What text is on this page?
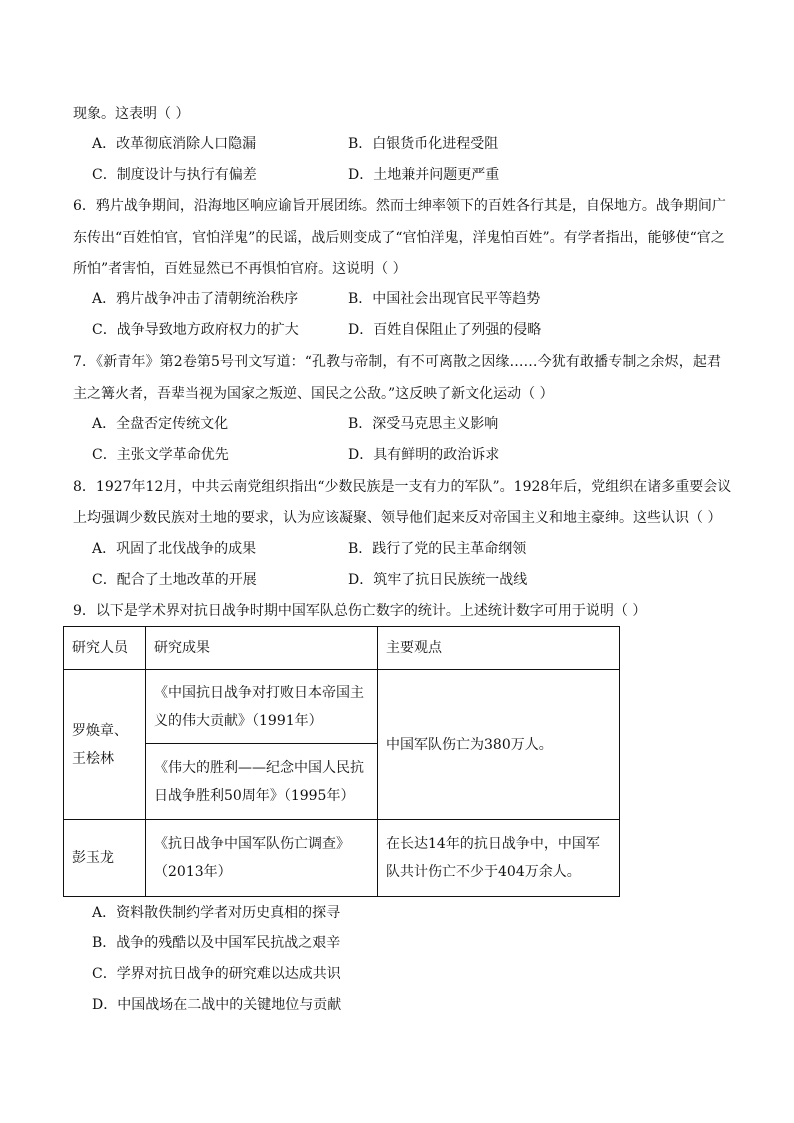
现象。这表明（ ）
A．改革彻底消除人口隐漏	B．白银货币化进程受阻
C．制度设计与执行有偏差	D．土地兼并问题更严重
6．鸦片战争期间，沿海地区响应谕旨开展团练。然而士绅率领下的百姓各行其是，自保地方。战争期间广
东传出“百姓怕官，官怕洋鬼”的民谣，战后则变成了“官怕洋鬼，洋鬼怕百姓”。有学者指出，能够使“官之
所怕”者害怕，百姓显然已不再惧怕官府。这说明（ ）
A．鸦片战争冲击了清朝统治秩序	B．中国社会出现官民平等趋势
C．战争导致地方政府权力的扩大	D．百姓自保阻止了列强的侵略
7．《新青年》第2卷第5号刊文写道：“孔教与帝制，有不可离散之因缘……今犹有敢播专制之余烬，起君
主之篝火者，吾辈当视为国家之叛逆、国民之公敌。”这反映了新文化运动（ ）
A．全盘否定传统文化	B．深受马克思主义影响
C．主张文学革命优先	D．具有鲜明的政治诉求
8．1927年12月，中共云南党组织指出“少数民族是一支有力的军队”。1928年后，党组织在诸多重要会议
上均强调少数民族对土地的要求，认为应该凝聚、领导他们起来反对帝国主义和地主豪绅。这些认识（ ）
A．巩固了北伐战争的成果	B．践行了党的民主革命纲领
C．配合了土地改革的开展	D．筑牢了抗日民族统一战线
9．以下是学术界对抗日战争时期中国军队总伤亡数字的统计。上述统计数字可用于说明（ ）
研究人员	研究成果	主要观点
罗焕章、王桧林	《中国抗日战争对打败日本帝国主义的伟大贡献》（1991年）	中国军队伤亡为380万人。
	《伟大的胜利——纪念中国人民抗日战争胜利50周年》（1995年）	
彭玉龙	《抗日战争中国军队伤亡调查》（2013年）	在长达14年的抗日战争中，中国军队共计伤亡不少于404万余人。
A．资料散佚制约学者对历史真相的探寻
B．战争的残酷以及中国军民抗战之艰辛
C．学界对抗日战争的研究难以达成共识
D．中国战场在二战中的关键地位与贡献
